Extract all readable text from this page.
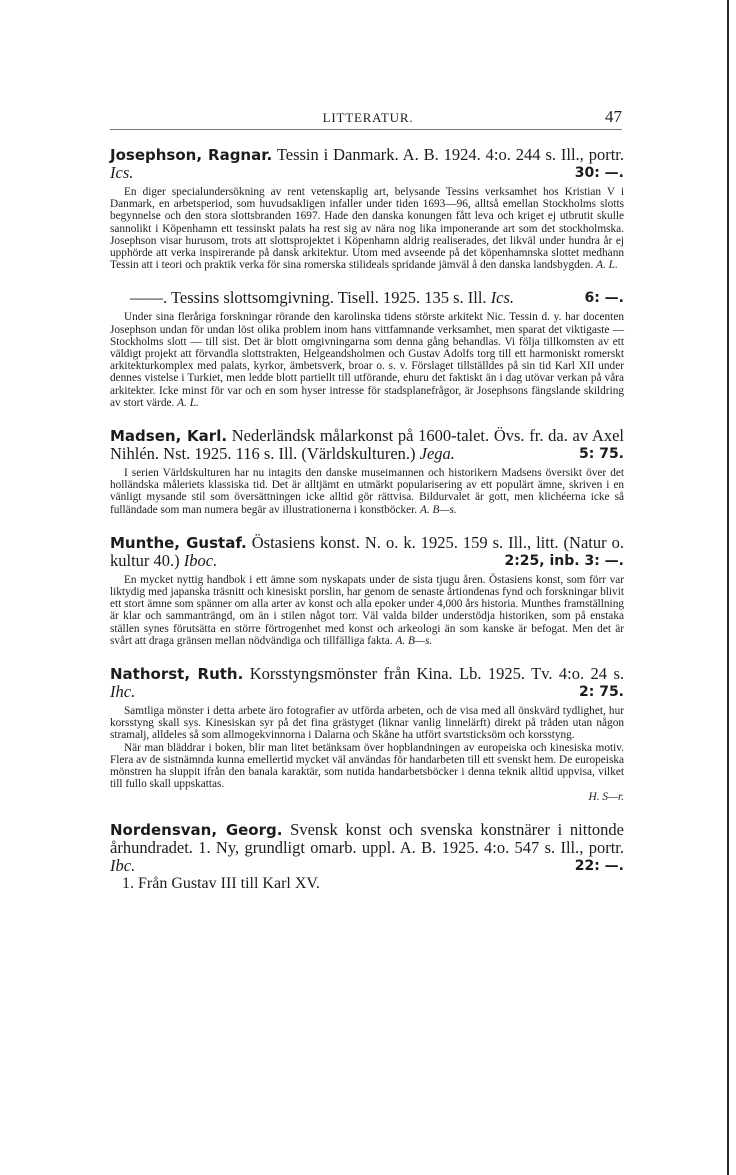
LITTERATUR.	47

Josephson, Ragnar. Tessin i Danmark. A. B. 1924. 4:o. 244 s. Ill., portr. Ics.	30: —.

En diger specialundersökning av rent vetenskaplig art, belysande Tessins verksamhet hos Kristian V i Danmark, en arbetsperiod, som huvudsakligen infaller under tiden 1693—96, alltså emellan Stockholms slotts begynnelse och den stora slottsbranden 1697. Hade den danska konungen fått leva och kriget ej utbrutit skulle sannolikt i Köpenhamn ett tessinskt palats ha rest sig av nära nog lika imponerande art som det stockholmska. Josephson visar hurusom, trots att slottsprojektet i Köpenhamn aldrig realiserades, det likväl under hundra år ej upphörde att verka inspirerande på dansk arkitektur. Utom med avseende på det köpenhamnska slottet medhann Tessin att i teori och praktik verka för sina romerska stilideals spridande jämväl å den danska landsbygden. A. L.

——. Tessins slottsomgivning. Tisell. 1925. 135 s. Ill. Ics.	6: —.

Under sina fleråriga forskningar rörande den karolinska tidens störste arkitekt Nic. Tessin d. y. har docenten Josephson undan för undan löst olika problem inom hans vittfamnande verksamhet, men sparat det viktigaste — Stockholms slott — till sist. Det är blott omgivningarna som denna gång behandlas. Vi följa tillkomsten av ett väldigt projekt att förvandla slottstrakten, Helgeandsholmen och Gustav Adolfs torg till ett harmoniskt romerskt arkitekturkomplex med palats, kyrkor, ämbetsverk, broar o. s. v. Förslaget tillställdes på sin tid Karl XII under dennes vistelse i Turkiet, men ledde blott partiellt till utförande, ehuru det faktiskt än i dag utövar verkan på våra arkitekter. Icke minst för var och en som hyser intresse för stadsplanefrågor, är Josephsons fängslande skildring av stort värde. A. L.

Madsen, Karl. Nederländsk målarkonst på 1600-talet. Övs. fr. da. av Axel Nihlén. Nst. 1925. 116 s. Ill. (Världskulturen.) Jega.	5: 75.

I serien Världskulturen har nu intagits den danske museimannen och historikern Madsens översikt över det holländska måleriets klassiska tid. Det är alltjämt en utmärkt popularisering av ett populärt ämne, skriven i en vänligt mysande stil som översättningen icke alltid gör rättvisa. Bildurvalet är gott, men klichéerna icke så fulländade som man numera begär av illustrationerna i konstböcker. A. B—s.

Munthe, Gustaf. Östasiens konst. N. o. k. 1925. 159 s. Ill., litt. (Natur o. kultur 40.) Iboc.	2:25, inb. 3: —.

En mycket nyttig handbok i ett ämne som nyskapats under de sista tjugu åren. Östasiens konst, som förr var liktydig med japanska träsnitt och kinesiskt porslin, har genom de senaste årtiondenas fynd och forskningar blivit ett stort ämne som spänner om alla arter av konst och alla epoker under 4,000 års historia. Munthes framställning är klar och sammanträngd, om än i stilen något torr. Väl valda bilder understödja historiken, som på enstaka ställen synes förutsätta en större förtrogenhet med konst och arkeologi än som kanske är befogat. Men det är svårt att draga gränsen mellan nödvändiga och tillfälliga fakta. A. B—s.

Nathorst, Ruth. Korsstyngsmönster från Kina. Lb. 1925. Tv. 4:o. 24 s. Ihc.	2: 75.

Samtliga mönster i detta arbete äro fotografier av utförda arbeten, och de visa med all önskvärd tydlighet, hur korsstyng skall sys. Kinesiskan syr på det fina grästyget (liknar vanlig linnelärft) direkt på tråden utan någon stramalj, alldeles så som allmogekvinnorna i Dalarna och Skåne ha utfört svartsticksöm och korsstyng.

När man bläddrar i boken, blir man litet betänksam över hopblandningen av europeiska och kinesiska motiv. Flera av de sistnämnda kunna emellertid mycket väl användas för handarbeten till ett svenskt hem. De europeiska mönstren ha sluppit ifrån den banala karaktär, som nutida handarbetsböcker i denna teknik alltid uppvisa, vilket till fullo skall uppskattas.
H. S—r.

Nordensvan, Georg. Svensk konst och svenska konstnärer i nittonde århundradet. 1. Ny, grundligt omarb. uppl. A. B. 1925. 4:o. 547 s. Ill., portr. Ibc.	22: —.

1. Från Gustav III till Karl XV.
